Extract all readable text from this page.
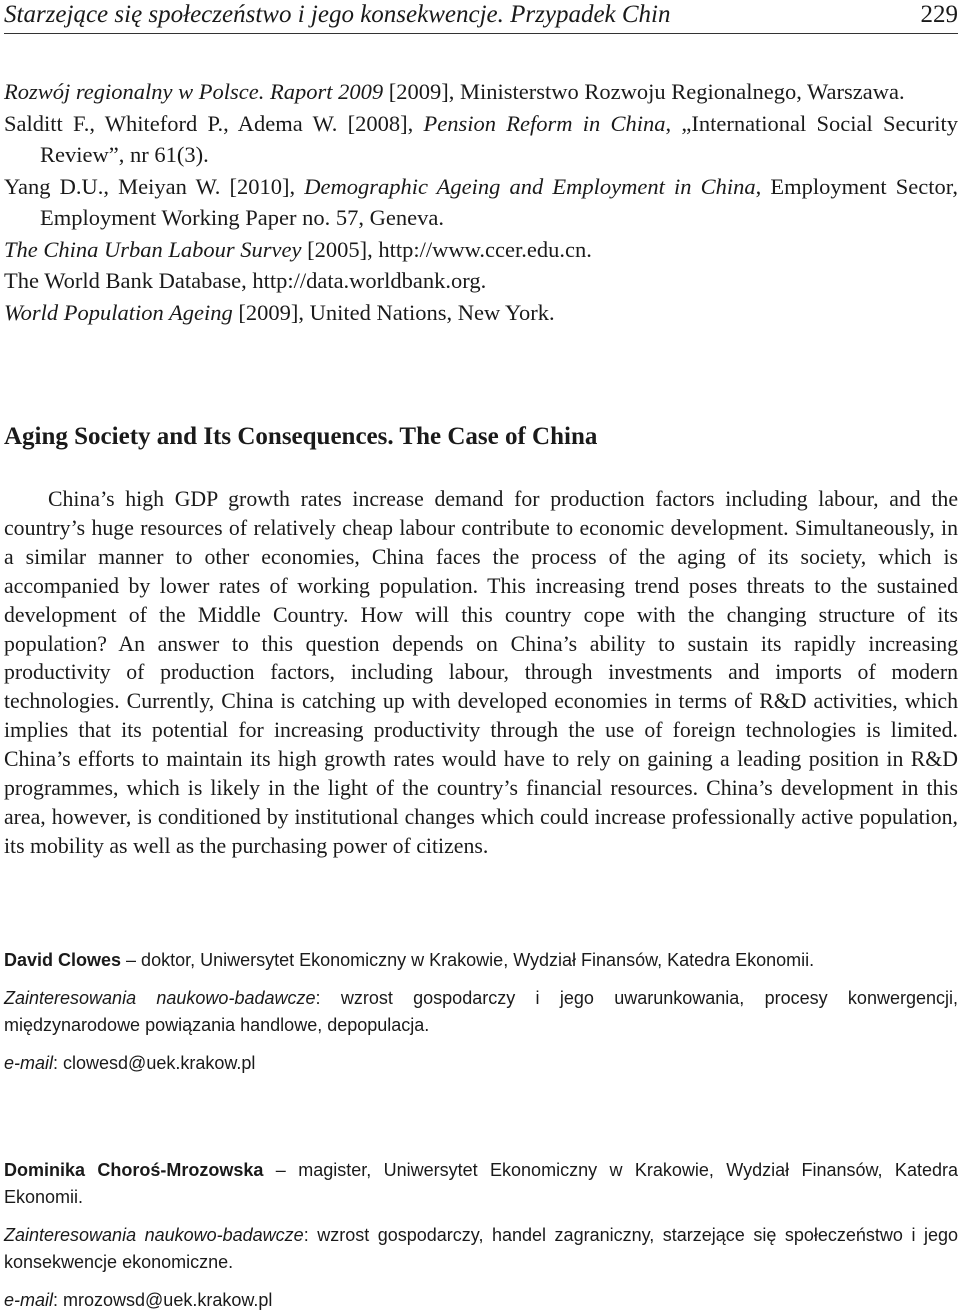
Starzejące się społeczeństwo i jego konsekwencje. Przypadek Chin	229

Rozwój regionalny w Polsce. Raport 2009 [2009], Ministerstwo Rozwoju Regionalnego, Warszawa.

Salditt F., Whiteford P., Adema W. [2008], Pension Reform in China, „International Social Security Review”, nr 61(3).

Yang D.U., Meiyan W. [2010], Demographic Ageing and Employment in China, Employment Sector, Employment Working Paper no. 57, Geneva.

The China Urban Labour Survey [2005], http://www.ccer.edu.cn.

The World Bank Database, http://data.worldbank.org.

World Population Ageing [2009], United Nations, New York.

Aging Society and Its Consequences. The Case of China

China’s high GDP growth rates increase demand for production factors including labour, and the country’s huge resources of relatively cheap labour contribute to economic development. Simultaneously, in a similar manner to other economies, China faces the process of the aging of its society, which is accompanied by lower rates of working population. This increasing trend poses threats to the sustained development of the Middle Country. How will this country cope with the changing structure of its population? An answer to this question depends on China’s ability to sustain its rapidly increasing productivity of production factors, including labour, through investments and imports of modern technologies. Currently, China is catching up with developed economies in terms of R&D activities, which implies that its potential for increasing productivity through the use of foreign technologies is limited. China’s efforts to maintain its high growth rates would have to rely on gaining a leading position in R&D programmes, which is likely in the light of the country’s financial resources. China’s development in this area, however, is conditioned by institutional changes which could increase professionally active population, its mobility as well as the purchasing power of citizens.

David Clowes – doktor, Uniwersytet Ekonomiczny w Krakowie, Wydział Finansów, Katedra Ekonomii.

Zainteresowania naukowo-badawcze: wzrost gospodarczy i jego uwarunkowania, procesy konwergencji, międzynarodowe powiązania handlowe, depopulacja.

e-mail: clowesd@uek.krakow.pl

Dominika Choroś-Mrozowska – magister, Uniwersytet Ekonomiczny w Krakowie, Wydział Finansów, Katedra Ekonomii.

Zainteresowania naukowo-badawcze: wzrost gospodarczy, handel zagraniczny, starzejące się społeczeństwo i jego konsekwencje ekonomiczne.

e-mail: mrozowsd@uek.krakow.pl
